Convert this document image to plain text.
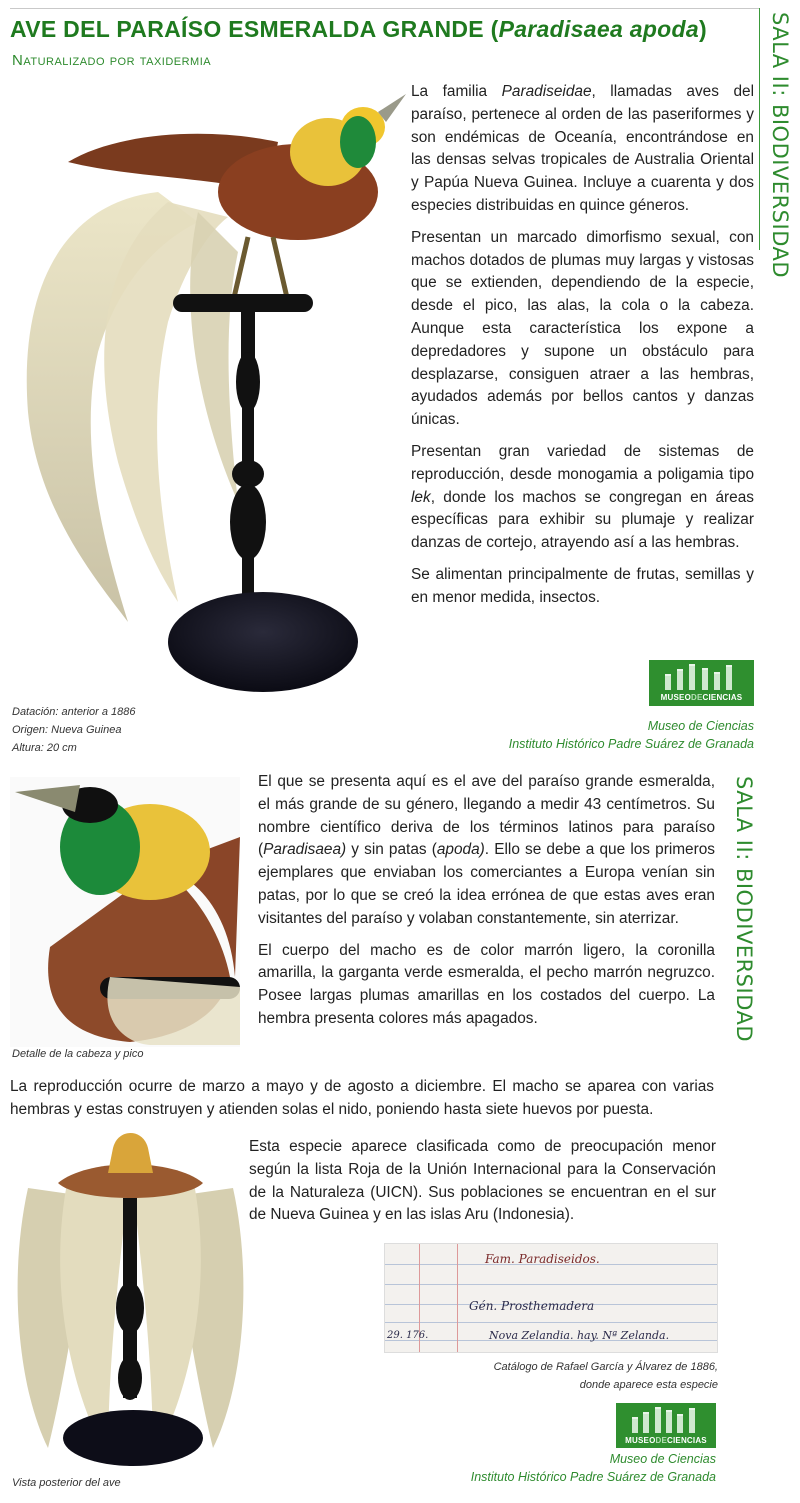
AVE DEL PARAÍSO ESMERALDA GRANDE (Paradisaea apoda)
Naturalizado por taxidermia	SALA II: BIODIVERSIDAD

La familia Paradiseidae, llamadas aves del paraíso, pertenece al orden de las paseriformes y son endémicas de Oceanía, encontrándose en las densas selvas tropicales de Australia Oriental y Papúa Nueva Guinea. Incluye a cuarenta y dos especies distribuidas en quince géneros.

Presentan un marcado dimorfismo sexual, con machos dotados de plumas muy largas y vistosas que se extienden, dependiendo de la especie, desde el pico, las alas, la cola o la cabeza. Aunque esta característica los expone a depredadores y supone un obstáculo para desplazarse, consiguen atraer a las hembras, ayudados además por bellos cantos y danzas únicas.

Presentan gran variedad de sistemas de reproducción, desde monogamia a poligamia tipo lek, donde los machos se congregan en áreas específicas para exhibir su plumaje y realizar danzas de cortejo, atrayendo así a las hembras.

Se alimentan principalmente de frutas, semillas y en menor medida, insectos.

MUSEODECIENCIAS
Datación: anterior a 1886
Origen: Nueva Guinea
Altura: 20 cm
Museo de Ciencias
Instituto Histórico Padre Suárez de Granada
SALA II: BIODIVERSIDAD

El que se presenta aquí es el ave del paraíso grande esmeralda, el más grande de su género, llegando a medir 43 centímetros. Su nombre científico deriva de los términos latinos para paraíso (Paradisaea) y sin patas (apoda). Ello se debe a que los primeros ejemplares que enviaban los comerciantes a Europa venían sin patas, por lo que se creó la idea errónea de que estas aves eran visitantes del paraíso y volaban constantemente, sin aterrizar.

El cuerpo del macho es de color marrón ligero, la coronilla amarilla, la garganta verde esmeralda, el pecho marrón negruzco. Posee largas plumas amarillas en los costados del cuerpo. La hembra presenta colores más apagados.

Detalle de la cabeza y pico
La reproducción ocurre de marzo a mayo y de agosto a diciembre. El macho se aparea con varias hembras y estas construyen y atienden solas el nido, poniendo hasta siete huevos por puesta.
Esta especie aparece clasificada como de preocupación menor según la lista Roja de la Unión Internacional para la Conservación de la Naturaleza (UICN). Sus poblaciones se encuentran en el sur de Nueva Guinea y en las islas Aru (Indonesia).
Fam. Paradiseidos.
Gén. Prosthemadera
29. 176.	Nova Zelandia. hay. Nª Zelanda.
Catálogo de Rafael García y Álvarez de 1886,
donde aparece esta especie
MUSEODECIENCIAS
Museo de Ciencias
Instituto Histórico Padre Suárez de Granada
Vista posterior del ave
